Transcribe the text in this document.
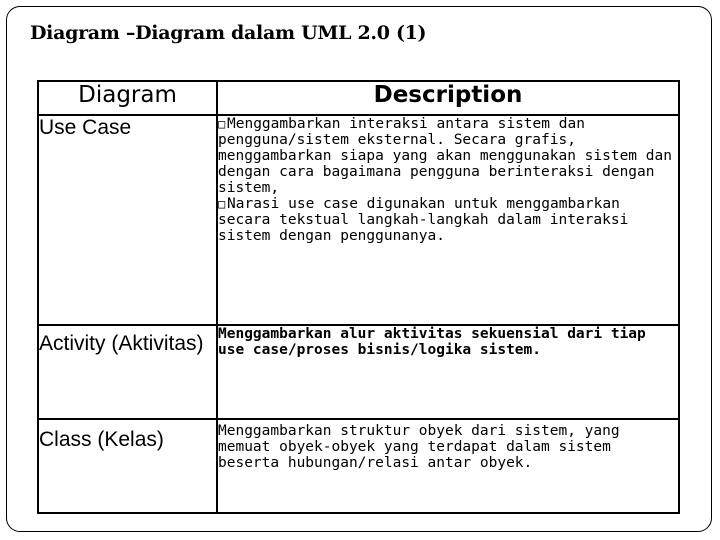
Diagram –Diagram dalam UML 2.0 (1)
Diagram	Description
Use Case	□ Menggambarkan interaksi antara sistem dan pengguna/sistem eksternal. Secara grafis, menggambarkan siapa yang akan menggunakan sistem dan dengan cara bagaimana pengguna berinteraksi dengan sistem,
□ Narasi use case digunakan untuk menggambarkan secara tekstual langkah-langkah dalam interaksi sistem dengan penggunanya.

Activity (Aktivitas)	Menggambarkan alur aktivitas sekuensial dari tiap use case/proses bisnis/logika sistem.
Class (Kelas)	Menggambarkan struktur obyek dari sistem, yang memuat obyek-obyek yang terdapat dalam sistem beserta hubungan/relasi antar obyek.
